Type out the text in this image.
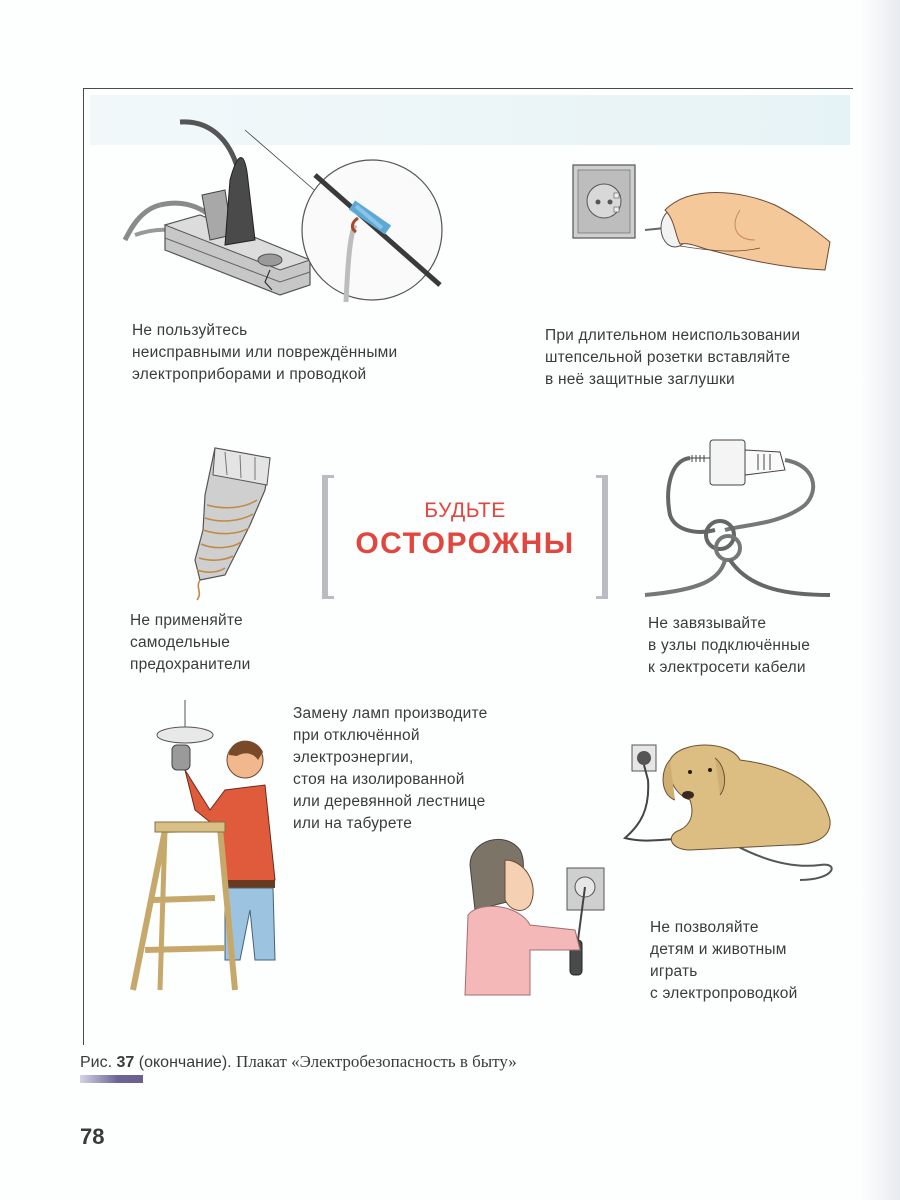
Не пользуйтесь
неисправными или повреждёнными
электроприборами и проводкой
При длительном неиспользовании
штепсельной розетки вставляйте
в неё защитные заглушки
Не применяйте
самодельные
предохранители
БУДЬТЕ
ОСТОРОЖНЫ
Не завязывайте
в узлы подключённые
к электросети кабели
Замену ламп производите
при отключённой
электроэнергии,
стоя на изолированной
или деревянной лестнице
или на табурете
Не позволяйте
детям и животным
играть
с электропроводкой
Рис. 37 (окончание). Плакат «Электробезопасность в быту»
78
